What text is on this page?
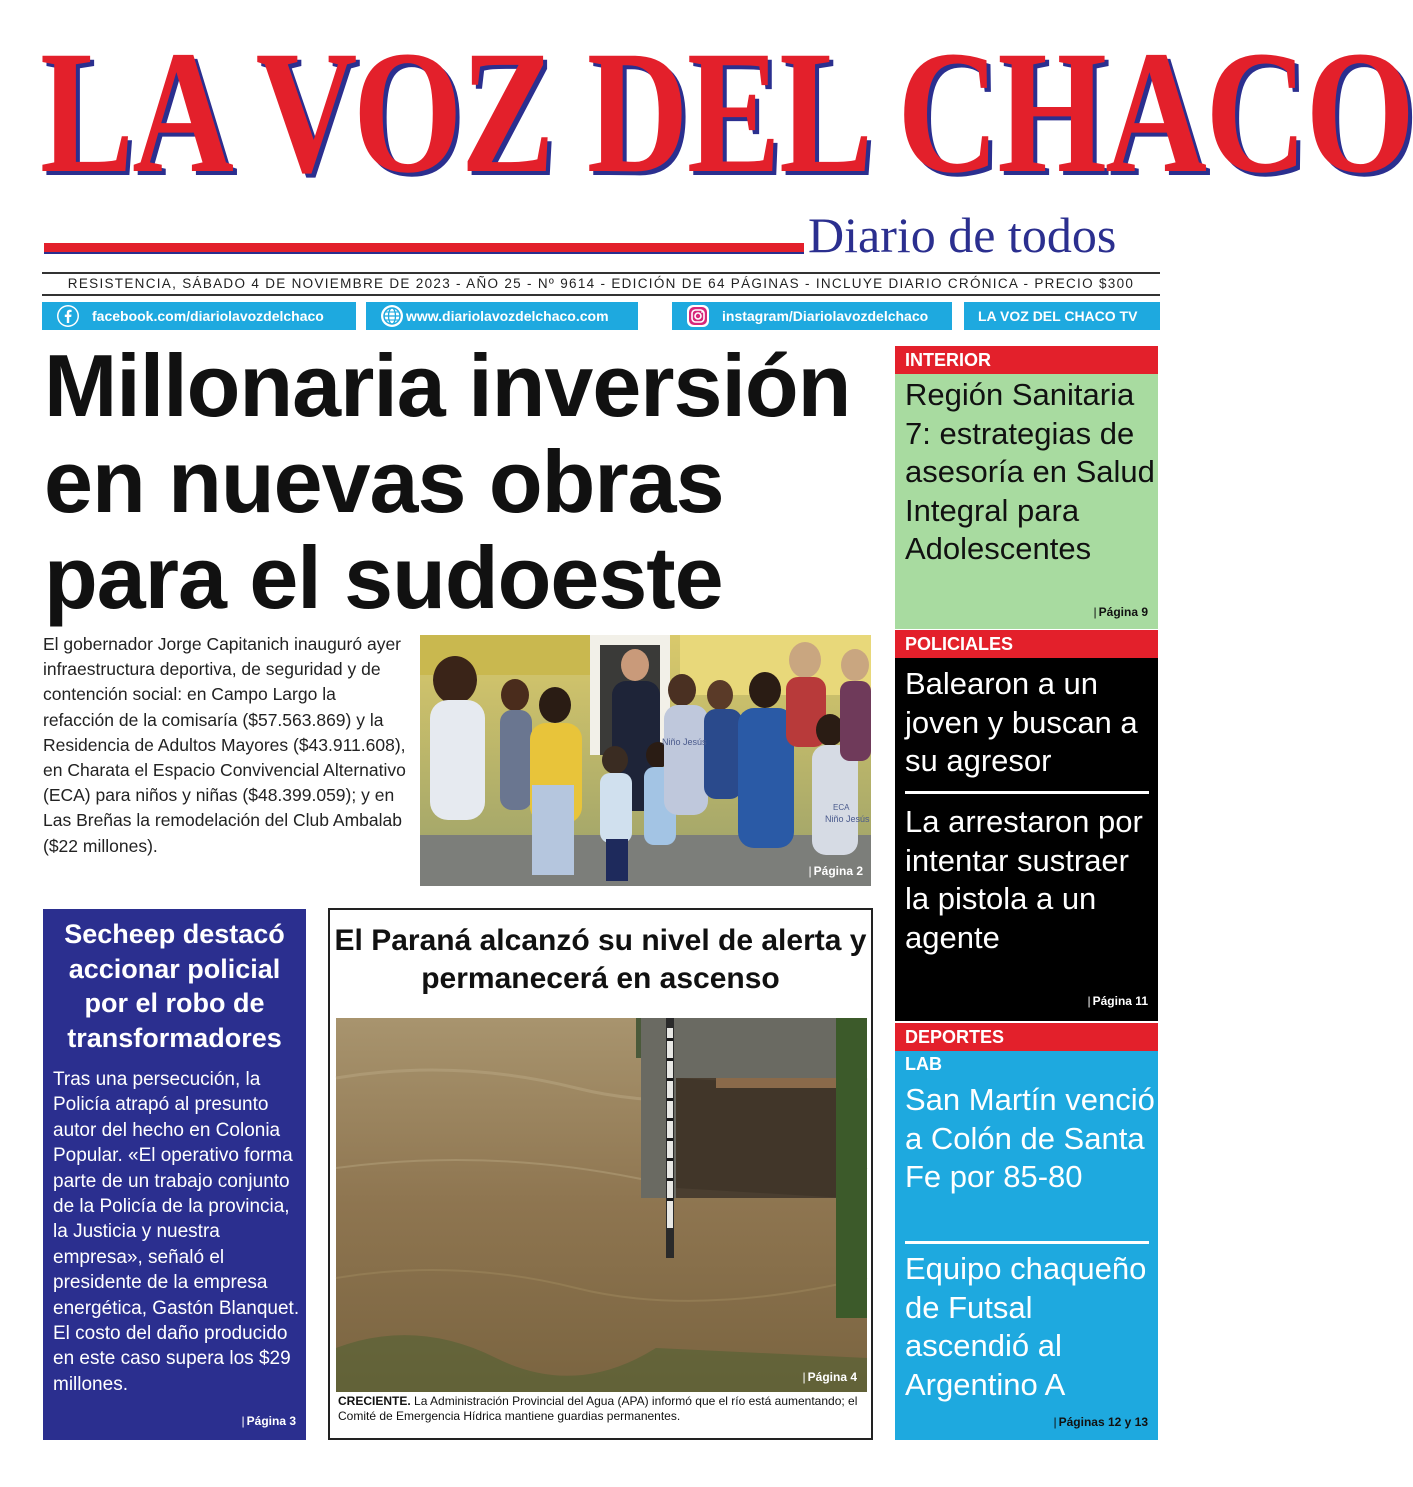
LA VOZ DEL CHACO
Diario de todos
RESISTENCIA, SÁBADO 4 DE NOVIEMBRE DE 2023 - AÑO 25 - Nº 9614 - EDICIÓN DE 64 PÁGINAS - INCLUYE DIARIO CRÓNICA - PRECIO $300
facebook.com/diariolavozdelchaco	www.diariolavozdelchaco.com	instagram/Diariolavozdelchaco	LA VOZ DEL CHACO TV
Millonaria inversión en nuevas obras para el sudoeste
El gobernador Jorge Capitanich inauguró ayer infraestructura deportiva, de seguridad y de contención social: en Campo Largo la refacción de la comisaría ($57.563.869) y la Residencia de Adultos Mayores ($43.911.608), en Charata el Espacio Convivencial Alternativo (ECA) para niños y niñas ($48.399.059); y en Las Breñas la remodelación del Club Ambalab ($22 millones).
Niño Jesús
ECA
Niño Jesús
| Página 2
Secheep destacó accionar policial por el robo de transformadores
Tras una persecución, la Policía atrapó al presunto autor del hecho en Colonia Popular. «El operativo forma parte de un trabajo conjunto de la Policía de la provincia, la Justicia y nuestra empresa», señaló el presidente de la empresa energética, Gastón Blanquet. El costo del daño producido en este caso supera los $29 millones.
| Página 3
El Paraná alcanzó su nivel de alerta y permanecerá en ascenso
| Página 4
CRECIENTE. La Administración Provincial del Agua (APA) informó que el río está aumentando; el Comité de Emergencia Hídrica mantiene guardias permanentes.
INTERIOR
Región Sanitaria 7: estrategias de asesoría en Salud Integral para Adolescentes
| Página 9
POLICIALES
Balearon a un joven y buscan a su agresor
La arrestaron por intentar sustraer la pistola a un agente
| Página 11
DEPORTES
LAB
San Martín venció a Colón de Santa Fe por 85-80
Equipo chaqueño de Futsal ascendió al Argentino A
| Páginas 12 y 13
